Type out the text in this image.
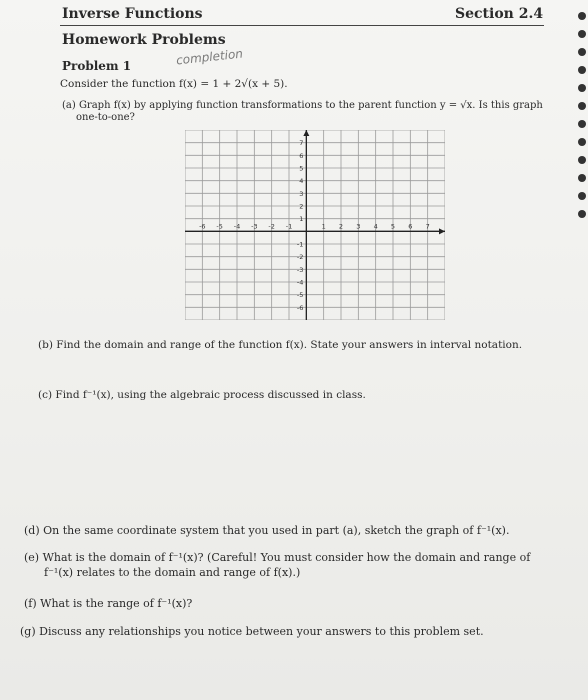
Inverse Functions	Section 2.4
Homework Problems
Problem 1	completion
Consider the function f(x) = 1 + 2√(x + 5).
(a) Graph f(x) by applying function transformations to the parent function y = √x. Is this graph
one-to-one?
-6 -5 -4 -3 -2 -1	1 2 3 4 5 6 7
7
6
5
4
3
2
1
-1
-2
-3
-4
-5
-6
(b) Find the domain and range of the function f(x). State your answers in interval notation.
(c) Find f⁻¹(x), using the algebraic process discussed in class.
(d) On the same coordinate system that you used in part (a), sketch the graph of f⁻¹(x).
(e) What is the domain of f⁻¹(x)? (Careful! You must consider how the domain and range of
f⁻¹(x) relates to the domain and range of f(x).)
(f) What is the range of f⁻¹(x)?
(g) Discuss any relationships you notice between your answers to this problem set.
